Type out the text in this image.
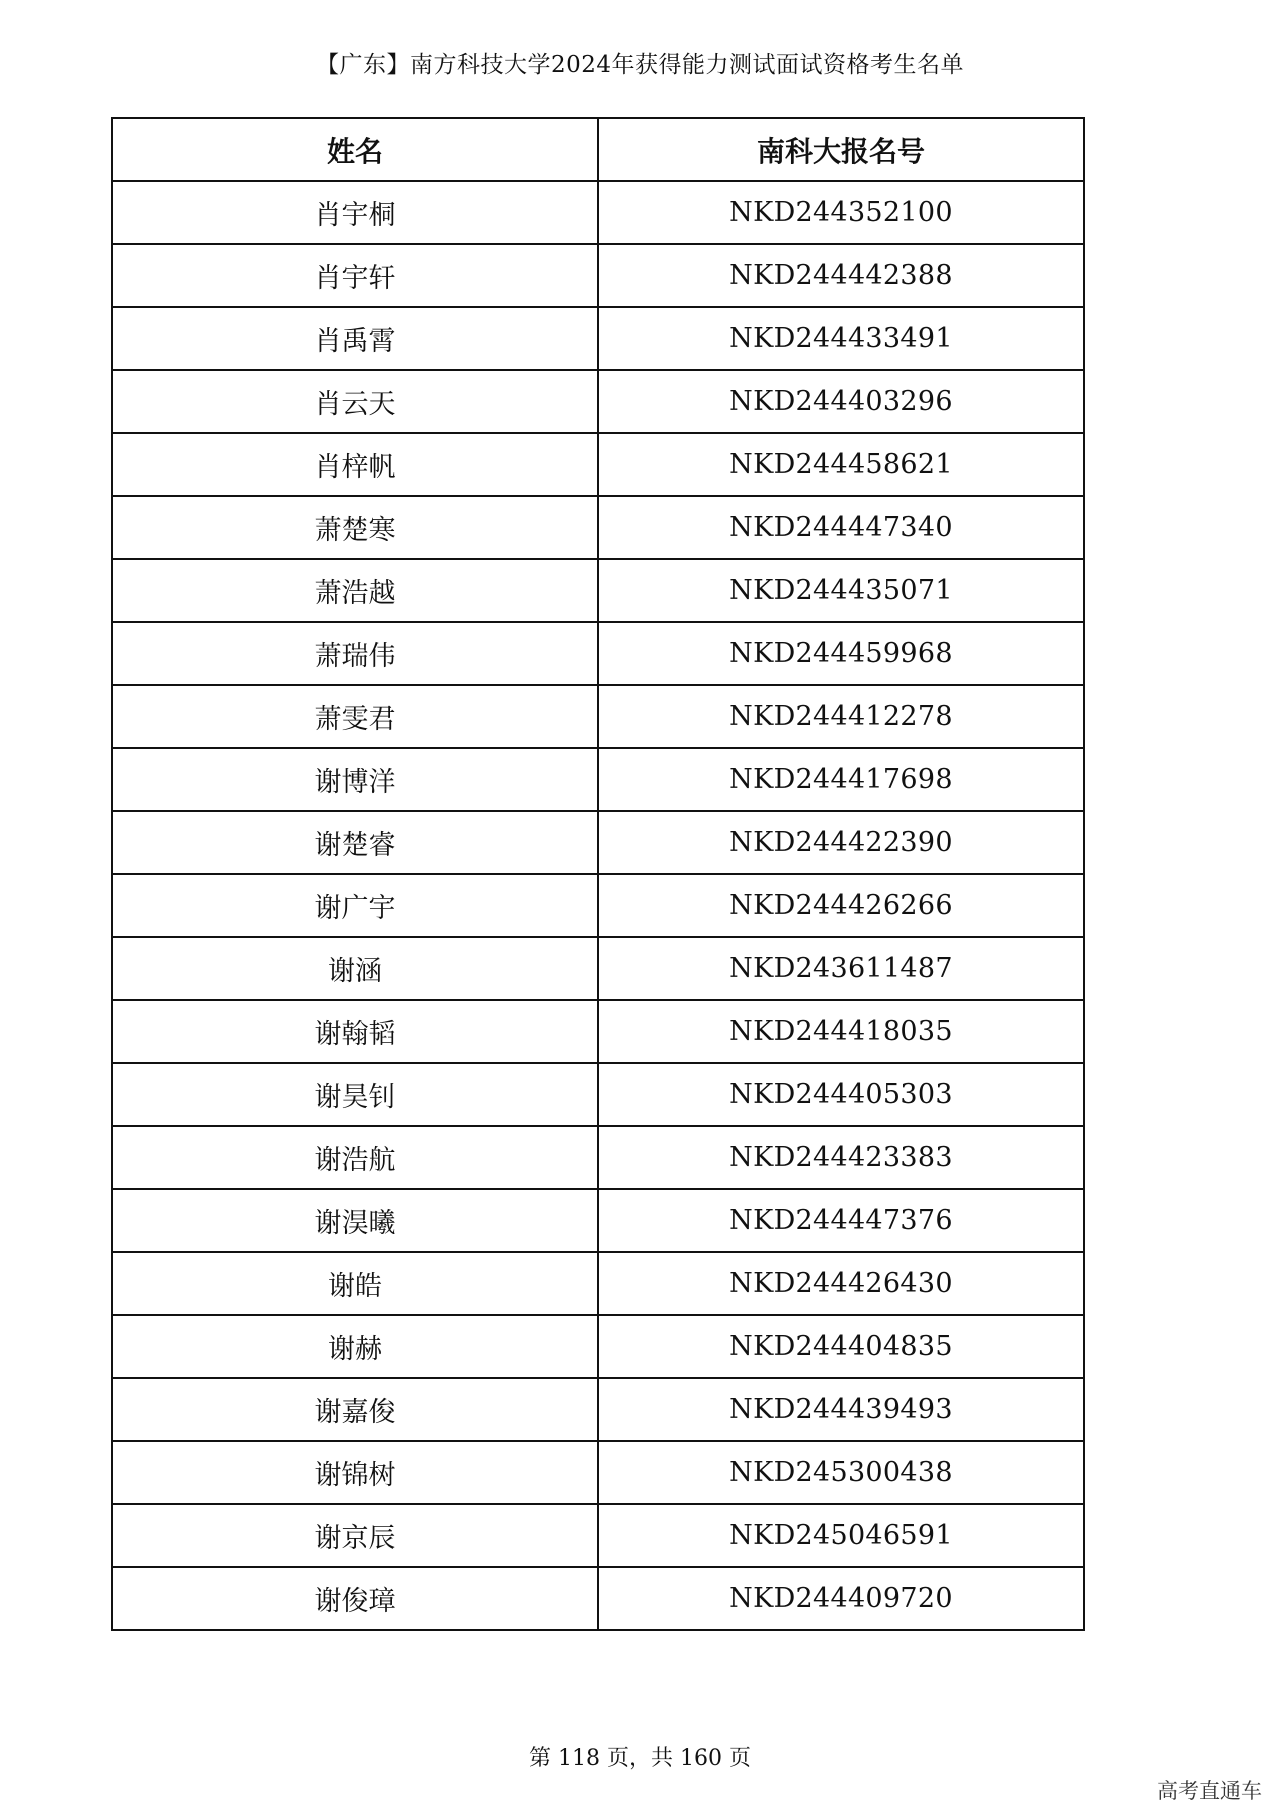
【广东】南方科技大学2024年获得能力测试面试资格考生名单
姓名	南科大报名号
肖宇桐	NKD244352100
肖宇轩	NKD244442388
肖禹霄	NKD244433491
肖云天	NKD244403296
肖梓帆	NKD244458621
萧楚寒	NKD244447340
萧浩越	NKD244435071
萧瑞伟	NKD244459968
萧雯君	NKD244412278
谢博洋	NKD244417698
谢楚睿	NKD244422390
谢广宇	NKD244426266
谢涵	NKD243611487
谢翰韬	NKD244418035
谢昊钊	NKD244405303
谢浩航	NKD244423383
谢淏曦	NKD244447376
谢皓	NKD244426430
谢赫	NKD244404835
谢嘉俊	NKD244439493
谢锦树	NKD245300438
谢京辰	NKD245046591
谢俊璋	NKD244409720
第 118 页，共 160 页
高考直通车
